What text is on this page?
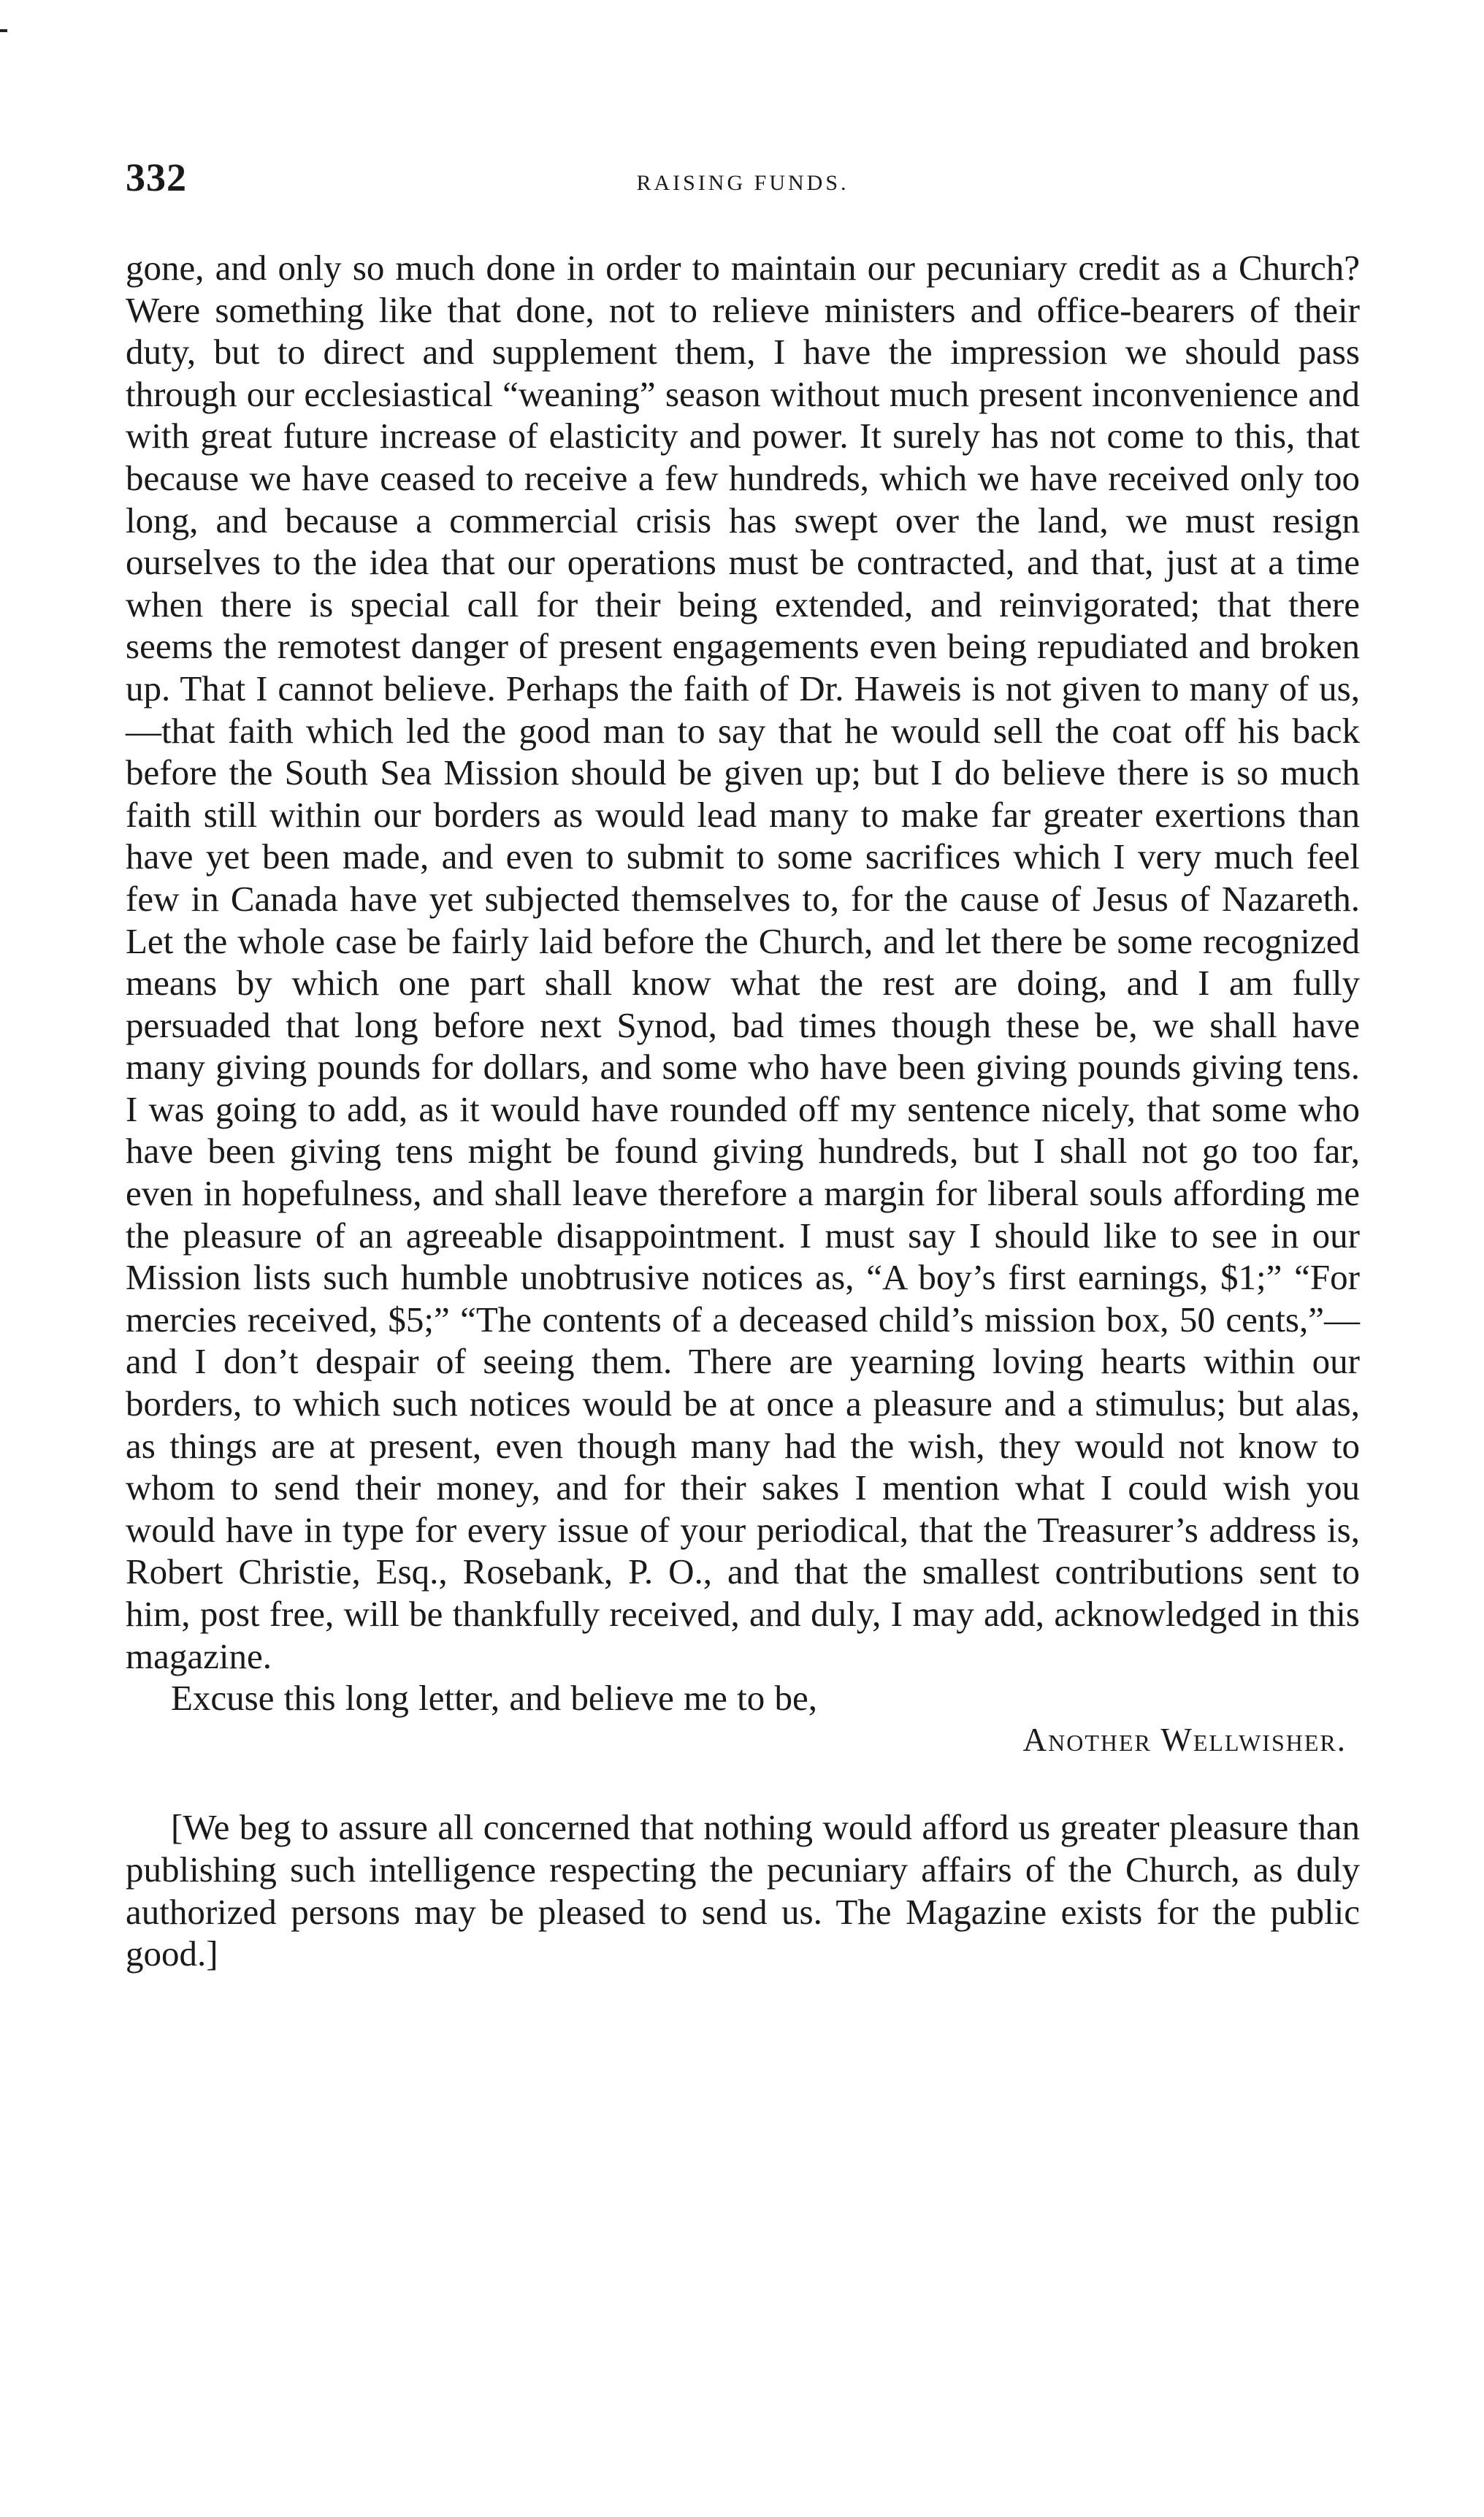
332	RAISING FUNDS.

gone, and only so much done in order to maintain our pecuniary credit as a Church? Were something like that done, not to relieve ministers and office-bearers of their duty, but to direct and supplement them, I have the impression we should pass through our ecclesiastical “weaning” season without much present inconvenience and with great future increase of elasticity and power. It surely has not come to this, that because we have ceased to receive a few hundreds, which we have received only too long, and because a commercial crisis has swept over the land, we must resign ourselves to the idea that our operations must be contracted, and that, just at a time when there is special call for their being extended, and reinvigorated; that there seems the remotest danger of present engagements even being repudiated and broken up. That I cannot believe. Perhaps the faith of Dr. Haweis is not given to many of us,—that faith which led the good man to say that he would sell the coat off his back before the South Sea Mission should be given up; but I do believe there is so much faith still within our borders as would lead many to make far greater exertions than have yet been made, and even to submit to some sacrifices which I very much feel few in Canada have yet subjected themselves to, for the cause of Jesus of Nazareth. Let the whole case be fairly laid before the Church, and let there be some recognized means by which one part shall know what the rest are doing, and I am fully persuaded that long before next Synod, bad times though these be, we shall have many giving pounds for dollars, and some who have been giving pounds giving tens. I was going to add, as it would have rounded off my sentence nicely, that some who have been giving tens might be found giving hundreds, but I shall not go too far, even in hopefulness, and shall leave therefore a margin for liberal souls affording me the pleasure of an agreeable disappointment. I must say I should like to see in our Mission lists such humble unobtrusive notices as, “A boy’s first earnings, $1;” “For mercies received, $5;” “The contents of a deceased child’s mission box, 50 cents,”—and I don’t despair of seeing them. There are yearning loving hearts within our borders, to which such notices would be at once a pleasure and a stimulus; but alas, as things are at present, even though many had the wish, they would not know to whom to send their money, and for their sakes I mention what I could wish you would have in type for every issue of your periodical, that the Treasurer’s address is, Robert Christie, Esq., Rosebank, P. O., and that the smallest contributions sent to him, post free, will be thankfully received, and duly, I may add, acknowledged in this magazine.

Excuse this long letter, and believe me to be,

Another Wellwisher.

[We beg to assure all concerned that nothing would afford us greater pleasure than publishing such intelligence respecting the pecuniary affairs of the Church, as duly authorized persons may be pleased to send us. The Magazine exists for the public good.]
